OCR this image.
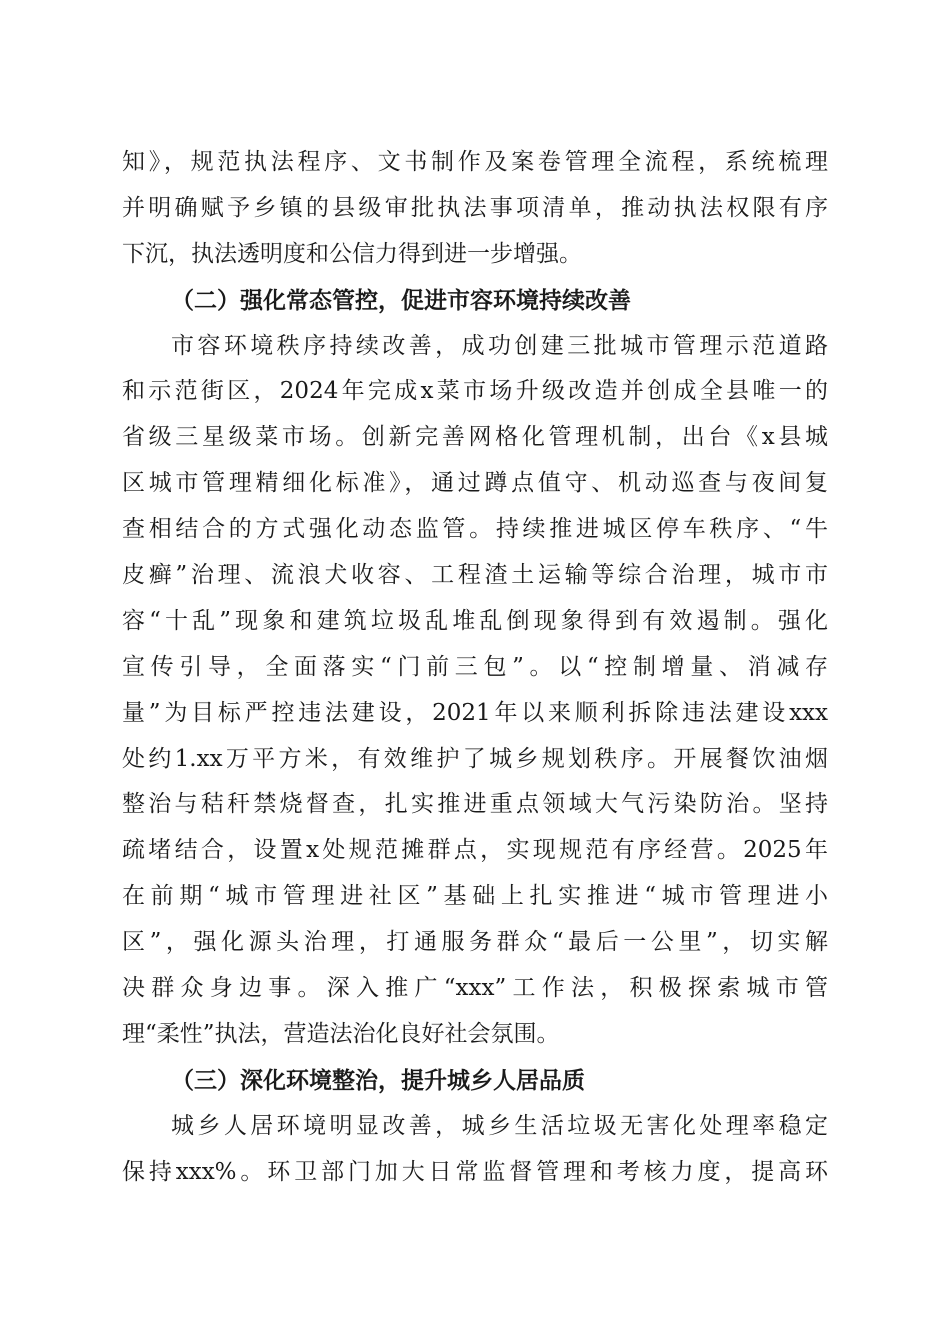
知》，规范执法程序、文书制作及案卷管理全流程，系统梳理
并明确赋予乡镇的县级审批执法事项清单，推动执法权限有序
下沉，执法透明度和公信力得到进一步增强。
（二）强化常态管控，促进市容环境持续改善
市容环境秩序持续改善，成功创建三批城市管理示范道路
和示范街区，2024年完成x菜市场升级改造并创成全县唯一的
省级三星级菜市场。创新完善网格化管理机制，出台《x县城
区城市管理精细化标准》，通过蹲点值守、机动巡查与夜间复
查相结合的方式强化动态监管。持续推进城区停车秩序、“牛
皮癣”治理、流浪犬收容、工程渣土运输等综合治理，城市市
容“十乱”现象和建筑垃圾乱堆乱倒现象得到有效遏制。强化
宣传引导，全面落实“门前三包”。以“控制增量、消减存
量”为目标严控违法建设，2021年以来顺利拆除违法建设xxx
处约1.xx万平方米，有效维护了城乡规划秩序。开展餐饮油烟
整治与秸秆禁烧督查，扎实推进重点领域大气污染防治。坚持
疏堵结合，设置x处规范摊群点，实现规范有序经营。2025年
在前期“城市管理进社区”基础上扎实推进“城市管理进小
区”，强化源头治理，打通服务群众“最后一公里”，切实解
决群众身边事。深入推广“xxx”工作法，积极探索城市管
理“柔性”执法，营造法治化良好社会氛围。
（三）深化环境整治，提升城乡人居品质
城乡人居环境明显改善，城乡生活垃圾无害化处理率稳定
保持xxx%。环卫部门加大日常监督管理和考核力度，提高环
